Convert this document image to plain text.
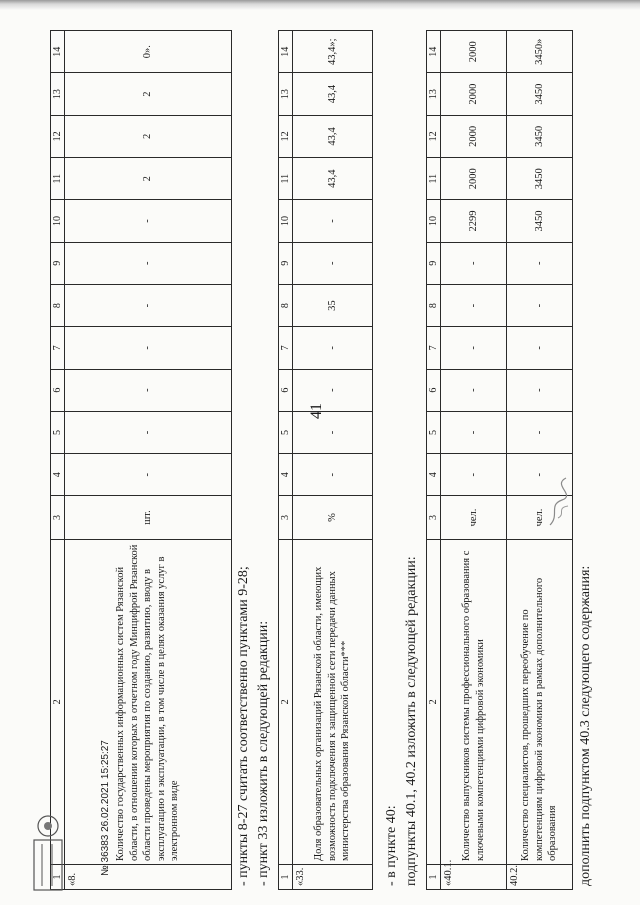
41
1	2	3	4	5	6	7	8	9	10	11	12	13	14
«8.	Количество государственных информационных систем Рязанской области, в отношении которых в отчетном году Минцифрой Рязанской области проведены мероприятия по созданию, развитию, вводу в эксплуатацию и эксплуатации, в том числе в целях оказания услуг в электронном виде	шт.	-	-	-	-	-	-	-	2	2	2	0».
- пункты 8-27 считать соответственно пунктами 9-28; - пункт 33 изложить в следующей редакции: 1	2	3	4	5	6	7	8	9	10	11	12	13	14
«33.	Доля образовательных организаций Рязанской области, имеющих возможность подключения к защищенной сети передачи данных министерства образования Рязанской области***	%	-	-	-	-	35	-	-	43,4	43,4	43,4	43,4»;
- в пункте 40: подпункты 40.1, 40.2 изложить в следующей редакции: 1	2	3	4	5	6	7	8	9	10	11	12	13	14
«40.1.	Количество выпускников системы профессионального образования с ключевыми компетенциями цифровой экономики	чел.	-	-	-	-	-	-	2299	2000	2000	2000	2000
40.2.	Количество специалистов, прошедших переобучение по компетенциям цифровой экономики в рамках дополнительного образования	чел.	-	-	-	-	-	-	3450	3450	3450	3450	3450»
дополнить подпунктом 40.3 следующего содержания:
№ 36383 26.02.2021 15:25:27
